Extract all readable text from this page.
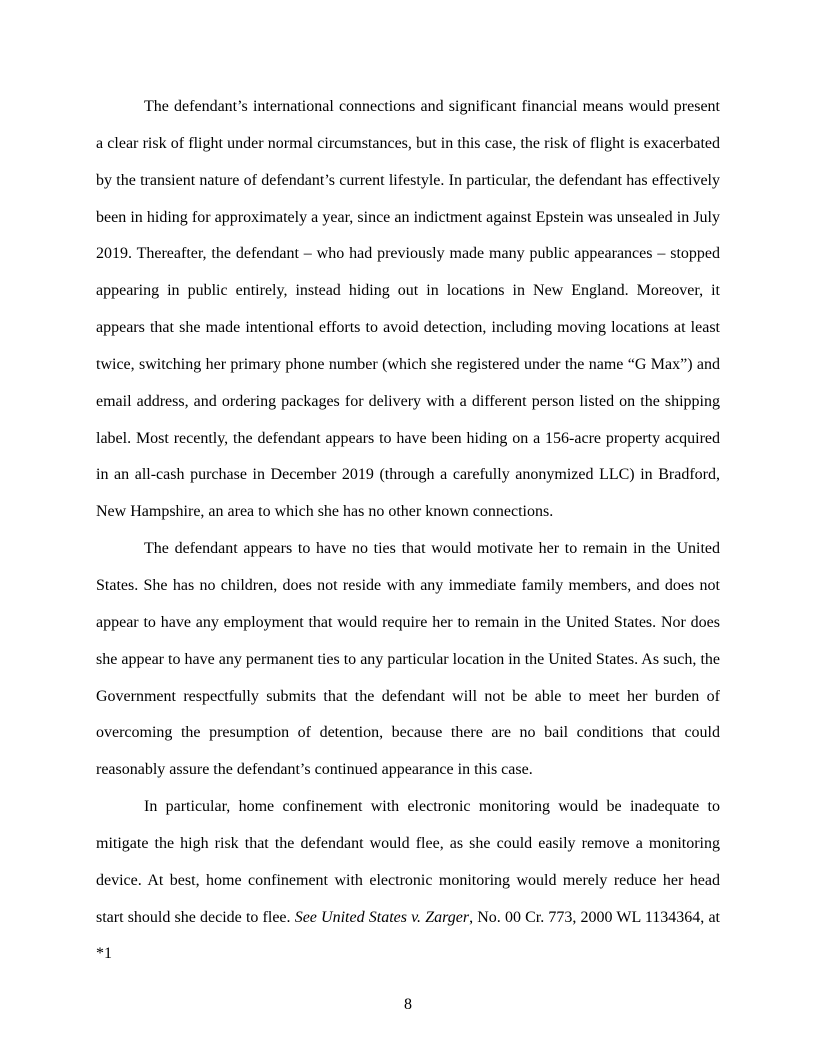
The defendant’s international connections and significant financial means would present a clear risk of flight under normal circumstances, but in this case, the risk of flight is exacerbated by the transient nature of defendant’s current lifestyle. In particular, the defendant has effectively been in hiding for approximately a year, since an indictment against Epstein was unsealed in July 2019. Thereafter, the defendant – who had previously made many public appearances – stopped appearing in public entirely, instead hiding out in locations in New England. Moreover, it appears that she made intentional efforts to avoid detection, including moving locations at least twice, switching her primary phone number (which she registered under the name “G Max”) and email address, and ordering packages for delivery with a different person listed on the shipping label. Most recently, the defendant appears to have been hiding on a 156-acre property acquired in an all-cash purchase in December 2019 (through a carefully anonymized LLC) in Bradford, New Hampshire, an area to which she has no other known connections.

The defendant appears to have no ties that would motivate her to remain in the United States. She has no children, does not reside with any immediate family members, and does not appear to have any employment that would require her to remain in the United States. Nor does she appear to have any permanent ties to any particular location in the United States. As such, the Government respectfully submits that the defendant will not be able to meet her burden of overcoming the presumption of detention, because there are no bail conditions that could reasonably assure the defendant’s continued appearance in this case.

In particular, home confinement with electronic monitoring would be inadequate to mitigate the high risk that the defendant would flee, as she could easily remove a monitoring device. At best, home confinement with electronic monitoring would merely reduce her head start should she decide to flee. See United States v. Zarger, No. 00 Cr. 773, 2000 WL 1134364, at *1

8
